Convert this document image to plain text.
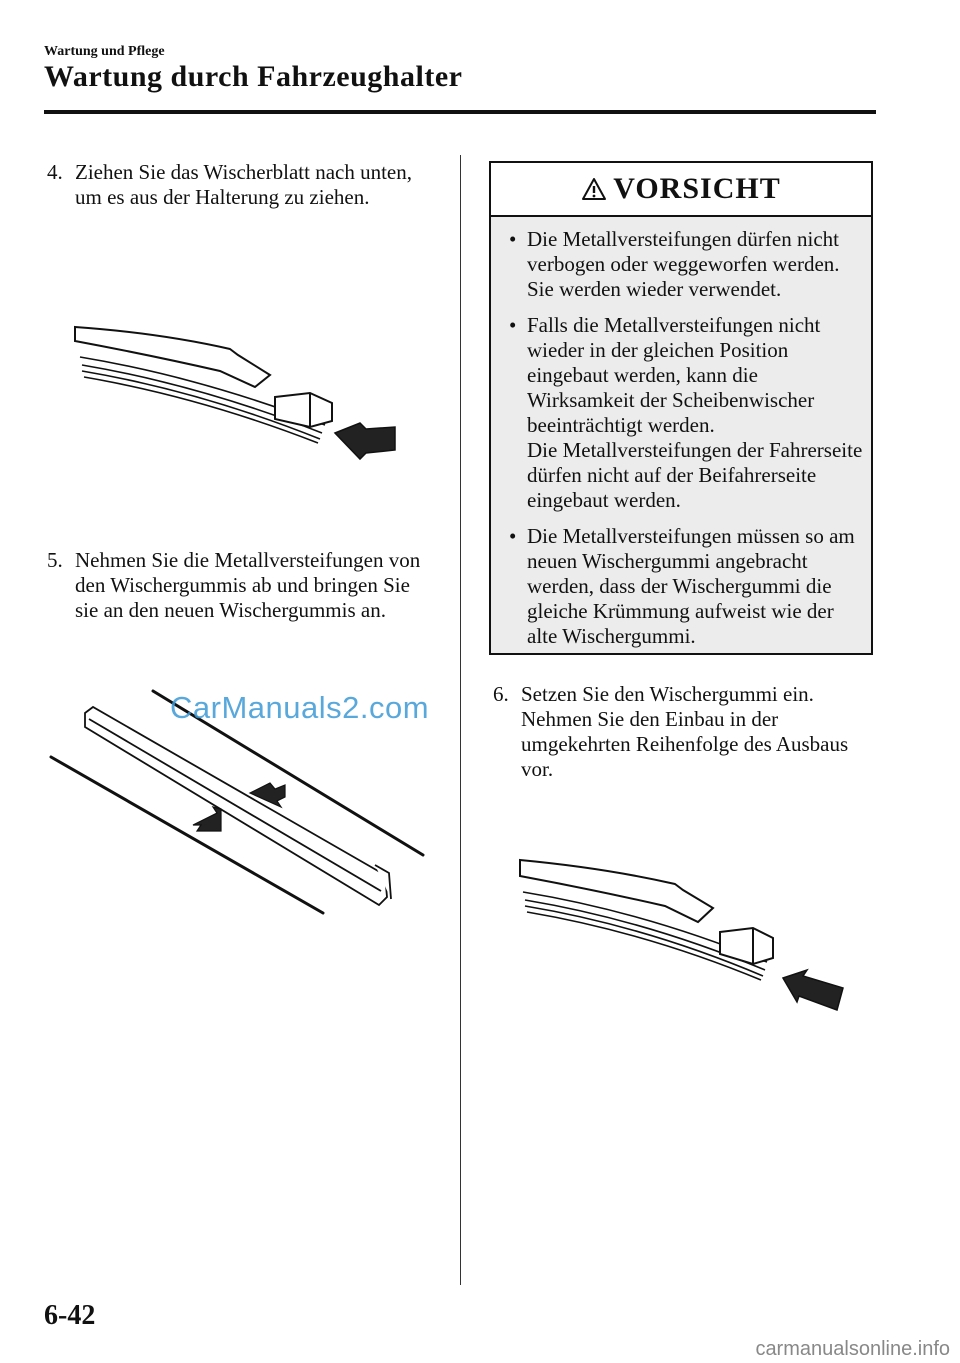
Wartung und Pflege
Wartung durch Fahrzeughalter
4. Ziehen Sie das Wischerblatt nach unten, um es aus der Halterung zu ziehen.
5. Nehmen Sie die Metallversteifungen von den Wischergummis ab und bringen Sie sie an den neuen Wischergummis an.
CarManuals2.com
VORSICHT
• Die Metallversteifungen dürfen nicht verbogen oder weggeworfen werden. Sie werden wieder verwendet.
• Falls die Metallversteifungen nicht wieder in der gleichen Position eingebaut werden, kann die Wirksamkeit der Scheibenwischer beeinträchtigt werden.
Die Metallversteifungen der Fahrerseite dürfen nicht auf der Beifahrerseite eingebaut werden.
• Die Metallversteifungen müssen so am neuen Wischergummi angebracht werden, dass der Wischergummi die gleiche Krümmung aufweist wie der alte Wischergummi.
6. Setzen Sie den Wischergummi ein. Nehmen Sie den Einbau in der umgekehrten Reihenfolge des Ausbaus vor.
6-42
carmanualsonline.info
